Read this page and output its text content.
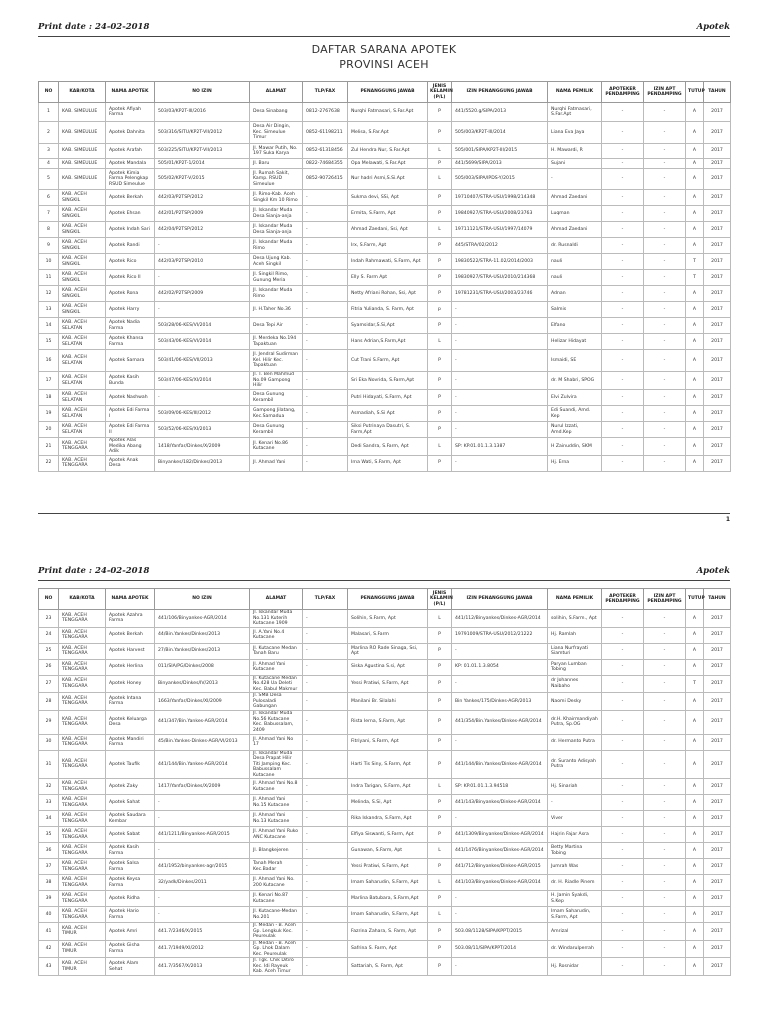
Print date : 24-02-2018	Apotek
DAFTAR SARANA APOTEK
PROVINSI ACEH
NO	KAB/KOTA	NAMA APOTEK	NO IZIN	ALAMAT	TLP/FAX	PENANGGUNG JAWAB	JENIS KELAMIN (P/L)	IZIN PENANGGUNG JAWAB	NAMA PEMILIK	APOTEKER PENDAMPING	IZIN APT PENDAMPING	TUTUP	TAHUN
1	KAB. SIMEULUE	Apotek Afiyah Farma	503/03/KP2T-III/2016	Desa Sinabang	0812-2767638	Nurqhi Fatmasari, S.Far.Apt	P	441/5520.g/SIPA/2013	Nurqhi Fatmasari, S.Far.Apt	-	-	A	2017
2	KAB. SIMEULUE	Apotek Dahnita	503/316/SITU/KP2T-VII/2012	Desa Air Dingin, Kec. Simeulue Timur	0852-61198211	Melisa, S.Far.Apt	P	505/003/KP2T-III/2014	Liana Eva Jaya	-	-	A	2017
3	KAB. SIMEULUE	Apotek Arafah	503/225/SITU/KP2T-VII/2013	Jl. Mawar Putih, No. 197 Suka Karya	0852-61318456	Zul Hendra Nur, S.Far.Apt	L	505/001/SIPA/KP2T-III/2015	H. Mawardi, R	-	-	A	2017
4	KAB. SIMEULUE	Apotek Mandala	505/01/KP2T-1/2014	Jl. Baru	0822-74684355	Opa Melawati, S.Far.Apt	P	441/5699/SIPA/2013	Sujani	-	-	A	2017
5	KAB. SIMEULUE	Apotek Kimia Farma Pelengkap RSUD Simeulue	505/02/KP2T-V/2015	Jl. Rumah Sakit, Kamp. RSUD Simeulue	0852-90726415	Nur hadri Asmi,S.Si.Apt	L	505/003/SIPA/IPDS-Y/2015	-	-	-	A	2017
6	KAB. ACEH SINGKIL	Apotek Berkah	442/03/P2TSP/2012	Jl. Rimo-Kab. Aceh Singkil Km 10 Rimo	-	Sukma devi, SSi, Apt	P	19710407/STRA-USU/1998/214348	Ahmad Zaedani	-	-	A	2017
7	KAB. ACEH SINGKIL	Apotek Ehsan	442/01/P2TSP/2009	Jl. Iskandar Muda Desa Sianja-anja	-	Ermita, S.Farm, Apt	P	19840927/STRA-USU/2008/23763	Luqman	-	-	A	2017
8	KAB. ACEH SINGKIL	Apotek Indah Sari	442/04/P2TSP/2012	Jl. Iskandar Muda Desa Sianja-anja	-	Ahmad Zaedani, Ssi, Apt	L	19711121/STRA-USU/1997/14079	Ahmad Zaedani	-	-	A	2017
9	KAB. ACEH SINGKIL	Apotek Randi	-	Jl. Iskandar Muda Rimo	-	Irx, S.Farm, Apt	P	445/STRA/02/2012	dr. Rusnaldi	-	-	A	2017
10	KAB. ACEH SINGKIL	Apotek Rico	442/03/P2TSP/2010	Desa Ujung Kab. Aceh Singkil	-	Indah Rahmawati, S.Farm, Apt	P	19830522/STRA-11.02/2014/2003	nauli	-	-	T	2017
11	KAB. ACEH SINGKIL	Apotek Rico II	-	Jl. Singkil Rimo, Gunung Meria	-	Elly S. Farm Apt	P	19830927/STRA-USU/2010/214368	nauli	-	-	T	2017
12	KAB. ACEH SINGKIL	Apotek Rona	442/02/P2TSP/2009	Jl. Iskandar Muda Rimo	-	Netty Afriani Rohan, Ssi, Apt	P	19781231/STRA-USU/2003/23746	Adnan	-	-	A	2017
13	KAB. ACEH SINGKIL	Apotek Harry	-	Jl. H.Taher No.36	-	Fitria Yulianda, S. Farm, Apt	p	-	Salmis	-	-	A	2017
14	KAB. ACEH SELATAN	Apotek Nadia Farma	503/28/06-KES/VI/2014	Desa Tepi Air	-	Syamsidar,S.Si,Apt	P	-	Elfano	-	-	A	2017
15	KAB. ACEH SELATAN	Apotek Khansa Farma	503/43/06-KES/VI/2014	Jl. Merdeka No.194 Tapaktuan	-	Hans Adrian,S.Farm,Apt	L	-	Helizar Hidayat	-	-	A	2017
16	KAB. ACEH SELATAN	Apotek Samara	503/41/06-KES/VII/2013	Jl. Jendral Sudirman Kel. Hilir Kec. Tapaktuan	-	Cut Trani S.Farm, Apt	P	-	Ismaidi, SE	-	-	A	2017
17	KAB. ACEH SELATAN	Apotek Kasih Bunda	503/47/06-KES/XI/2014	Jl. T. Ben Mahmud No.09 Gampong Hilir	-	Sri Eka Novrida, S.Farm,Apt	P	-	dr. M Shabri, SPOG	-	-	A	2017
18	KAB. ACEH SELATAN	Apotek Nashwah	-	Desa Gunung Kerambil	-	Putri Hidayati, S.Farm, Apt	P	-	Elvi Zulvira	-	-	A	2017
19	KAB. ACEH SELATAN	Apotek Edi Farma I	503/09/06-KES/III/2012	Gampong Jilatang, Kec.Samadua	-	Asmadiah, S.Si Apt	P	-	Edi Suandi, Amd. Kep	-	-	A	2017
20	KAB. ACEH SELATAN	Apotek Edi Farma II	503/52/06-KES/XI/2013	Desa Gunung Kerambil	-	Siksi Putrinaya Dasutri, S. Farm,Apt	P	-	Nurul Izzati, Amd.Kep	-	-	A	2017
21	KAB. ACEH TENGGARA	Apotek Alas Medika Abang Adik	1418/Yanfar/Dinkes/X/2009	Jl. Kenari No.86 Kutacane	-	Dedi Sandra, S.Farm, Apt	L	SP: KP.01.01.1.3.1387	H Zainuddin, SKM	-	-	A	2017
22	KAB. ACEH TENGGARA	Apotek Anak Desa	Binyankes/182/Dinkes/2013	Jl. Ahmad Yani	-	Irna Wati, S.Farm, Apt	P	-	Hj. Erna	-	-	A	2017
1
Print date : 24-02-2018	Apotek
NO	KAB/KOTA	NAMA APOTEK	NO IZIN	ALAMAT	TLP/FAX	PENANGGUNG JAWAB	JENIS KELAMIN (P/L)	IZIN PENANGGUNG JAWAB	NAMA PEMILIK	APOTEKER PENDAMPING	IZIN APT PENDAMPING	TUTUP	TAHUN
23	KAB. ACEH TENGGARA	Apotek Azahra Farma	441/106/Binyankes-AGR/2014	Jl. Iskandar Muda No.131 Kuterih Kutacane 1909	-	Solihin, S.Farm, Apt	L	441/112/Binyankes/Dinkes-AGR/2014	solihin, S.Farm., Apt	-	-	A	2017
24	KAB. ACEH TENGGARA	Apotek Berkah	44/Bin.Yankes/Dinkes/2013	Jl. A.Yani No.4 Kutacane	-	Malasari, S.Farm	P	19791009/STRA-USU/2012/21222	Hj. Ramlah	-	-	A	2017
25	KAB. ACEH TENGGARA	Apotek Harvest	27/Bin.Yankes/Dinkes/2013	Jl. Kutacane Medan Tanah Baru	-	Marlina RO Rade Sinaga, Ssi, Apt	P	-	Liana Nurfrayati Siamturi	-	-	A	2017
26	KAB. ACEH TENGGARA	Apotek Herlina	011/SIA/PG/Dinkes/2008	Jl. Ahmad Yani Kutacane	-	Siska Agustina S.si, Apt	P	KP: 01.01.1.3.8054	Paryan Lumban Tobing	-	-	A	2017
27	KAB. ACEH TENGGARA	Apotek Honey	Binyankes/Dinkes/IV/2013	Jl. Kutacane Medan No.428 Ua Deleti Kec. Babul Makmur	-	Yessi Pratiwi, S.Farm, Apt	P	-	dr Johannes Naibaho	-	-	T	2017
28	KAB. ACEH TENGGARA	Apotek Intana Farma	1663/Yanfar/Dinkes/XI/2009	Jl. SMB Desa Pulosaladi Gabungan	-	Manilani Br. Silalahi	P	Bin Yankes/175/Dinkes-AGR/2013	Naomi Desky	-	-	A	2017
29	KAB. ACEH TENGGARA	Apotek Keluarga Desa	441/347/Bin.Yankes-AGR/2014	Jl. Iskandar Muda No.56 Kutacane Kec. Babussalam, 2409	-	Rista Ierna, S.Farm, Apt	P	441/354/Bin.Yankes/Dinkes-AGR/2014	dr.H. Khairmandiyah Putra, Sp.OG	-	-	A	2017
30	KAB. ACEH TENGGARA	Apotek Mandiri Farma	45/Bin.Yankes-Dinkes-AGR/VI/2013	Jl. Ahmad Yani No 17	-	Fitriyani, S.Farm, Apt	P	-	dr. Hermanto Putra	-	-	A	2017
31	KAB. ACEH TENGGARA	Apotek Taufik	441/144/Bin.Yankes-AGR/2014	Jl. Iskandar Muda Desa Prapat Hilir Titi Jamping Kec. Babussalam Kutacane	-	Harti Tis Siny, S.Farm, Apt	P	441/144/Bin.Yankes/Dinkes-AGR/2014	dr. Suranto Adisyah Putra	-	-	A	2017
32	KAB. ACEH TENGGARA	Apotek Zaky	1417/Yanfar/Dinkes/X/2009	Jl. Ahmad Yani No.8 Kutacane	-	Indra Tarigan, S.Farm, Apt	L	SP: KP.01.01.1.3.94518	Hj. Sinariah	-	-	A	2017
33	KAB. ACEH TENGGARA	Apotek Sahat	-	Jl. Ahmad Yani No.15 Kutacane	-	Melinda, S.Si, Apt	P	441/143/Binyankes/Dinkes-AGR/2014	-	-	-	A	2017
34	KAB. ACEH TENGGARA	Apotek Saudara Kembar	-	Jl. Ahmad Yani No.13 Kutacane	-	Rika Iskandra, S.Farm, Apt	P	-	Viver	-	-	A	2017
35	KAB. ACEH TENGGARA	Apotek Sabat	441/1211/Binyankes-AGR/2015	Jl. Ahmad Yani Ruko ANC Kutacane	-	Elfiya Siswanti, S.Farm, Apt	P	441/1309/Binyankes/Dinkes-AGR/2014	Hajrin Fajar Asra	-	-	A	2017
36	KAB. ACEH TENGGARA	Apotek Kasih Farma	-	Jl. Blangkejeren	-	Gunawan, S.Farm, Apt	L	441/1476/Binyankes/Dinkes-AGR/2014	Betty Martina Tobing	-	-	A	2017
37	KAB. ACEH TENGGARA	Apotek Salsa Farma	441/1952/binyankes-agr/2015	Tanah Merah Kec.Badar	-	Yessi Pratiwi, S.Farm, Apt	P	441/712/Binyankes/Dinkes-AGR/2015	Jumrah Was	-	-	A	2017
38	KAB. ACEH TENGGARA	Apotek Keysa Farma	32/yadk/Dinkes/2011	Jl. Ahmad Yani No. 200 Kutacane	-	Imam Saharudin, S.Farm, Apt	L	441/103/Binyankes/Dinkes-AGR/2014	dr. H. Riadle Pinem	-	-	A	2017
39	KAB. ACEH TENGGARA	Apotek Ridha	-	Jl. Kenari No.87 Kutacane	-	Marlina Batubara, S.Farm,Apt	P	-	H. Jamin Syakdi, S.Kep	-	-	A	2017
40	KAB. ACEH TENGGARA	Apotek Hario Farma	-	Jl. Kutacane-Medan No.201	-	Imam Saharudin, S.Farm, Apt	L	-	Imam Saharudin, S.Farm, Apt	-	-	A	2017
41	KAB. ACEH TIMUR	Apotek Amri	441.7/2346/X/2015	Jl. Medan - B. Aceh Gp. Lengkuk Kec. Peureulak	-	Fazrina Zahara, S. Farm, Apt	P	503.08/1128/SIPA/KPPT/2015	Amrizal	-	-	A	2017
42	KAB. ACEH TIMUR	Apotek Gisha Farma	441.7/1949/XI/2012	Jl. Medan - B. Aceh Gp. Lhok Dalam Kec. Peureulak	-	Safrina S. Farm, Apt	P	503.08/11/SIPA/KPPT/2014	dr. Windarulperrah	-	-	A	2017
43	KAB. ACEH TIMUR	Apotek Alam Sehat	441.7/3567/X/2013	Jl. Tgk. Chik Ditiro Kec. Idi Rayeuk Kab. Aceh Timur	-	Sattariah, S. Farm, Apt	P	-	Hj. Rosnidar	-	-	A	2017
